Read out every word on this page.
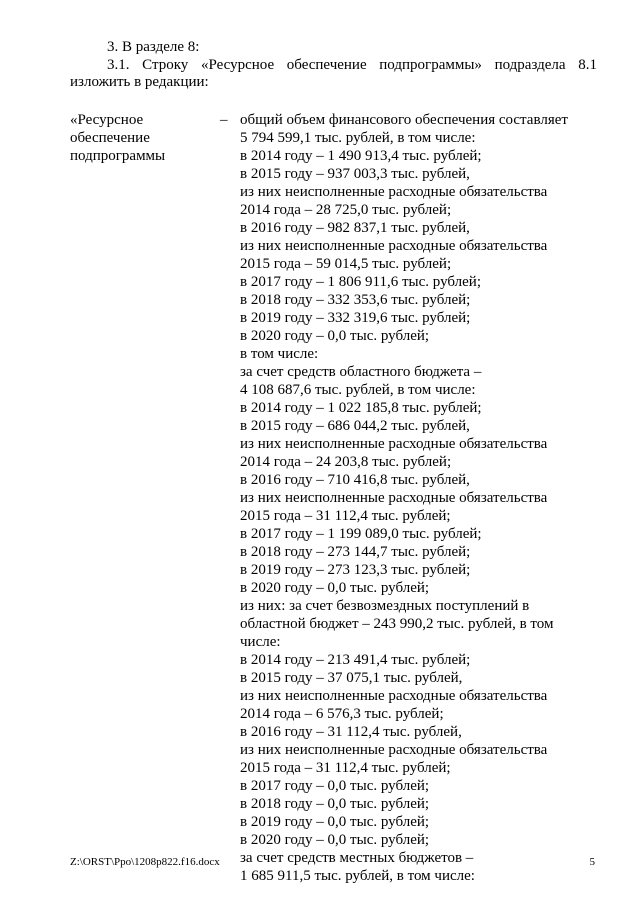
3. В разделе 8:
3.1. Строку «Ресурсное обеспечение подпрограммы» подраздела 8.1
изложить в редакции:
«Ресурсное
обеспечение
подпрограммы
– общий объем финансового обеспечения составляет
5 794 599,1 тыс. рублей, в том числе:
в 2014 году – 1 490 913,4 тыс. рублей;
в 2015 году – 937 003,3 тыс. рублей,
из них неисполненные расходные обязательства
2014 года – 28 725,0 тыс. рублей;
в 2016 году – 982 837,1 тыс. рублей,
из них неисполненные расходные обязательства
2015 года – 59 014,5 тыс. рублей;
в 2017 году – 1 806 911,6 тыс. рублей;
в 2018 году – 332 353,6 тыс. рублей;
в 2019 году – 332 319,6 тыс. рублей;
в 2020 году – 0,0 тыс. рублей;
в том числе:
за счет средств областного бюджета –
4 108 687,6 тыс. рублей, в том числе:
в 2014 году – 1 022 185,8 тыс. рублей;
в 2015 году – 686 044,2 тыс. рублей,
из них неисполненные расходные обязательства
2014 года – 24 203,8 тыс. рублей;
в 2016 году – 710 416,8 тыс. рублей,
из них неисполненные расходные обязательства
2015 года – 31 112,4 тыс. рублей;
в 2017 году – 1 199 089,0 тыс. рублей;
в 2018 году – 273 144,7 тыс. рублей;
в 2019 году – 273 123,3 тыс. рублей;
в 2020 году – 0,0 тыс. рублей;
из них: за счет безвозмездных поступлений в
областной бюджет – 243 990,2 тыс. рублей, в том
числе:
в 2014 году – 213 491,4 тыс. рублей;
в 2015 году – 37 075,1 тыс. рублей,
из них неисполненные расходные обязательства
2014 года – 6 576,3 тыс. рублей;
в 2016 году – 31 112,4 тыс. рублей,
из них неисполненные расходные обязательства
2015 года – 31 112,4 тыс. рублей;
в 2017 году – 0,0 тыс. рублей;
в 2018 году – 0,0 тыс. рублей;
в 2019 году – 0,0 тыс. рублей;
в 2020 году – 0,0 тыс. рублей;
за счет средств местных бюджетов –
1 685 911,5 тыс. рублей, в том числе:
Z:\ORST\Ppo\1208p822.f16.docx	5
